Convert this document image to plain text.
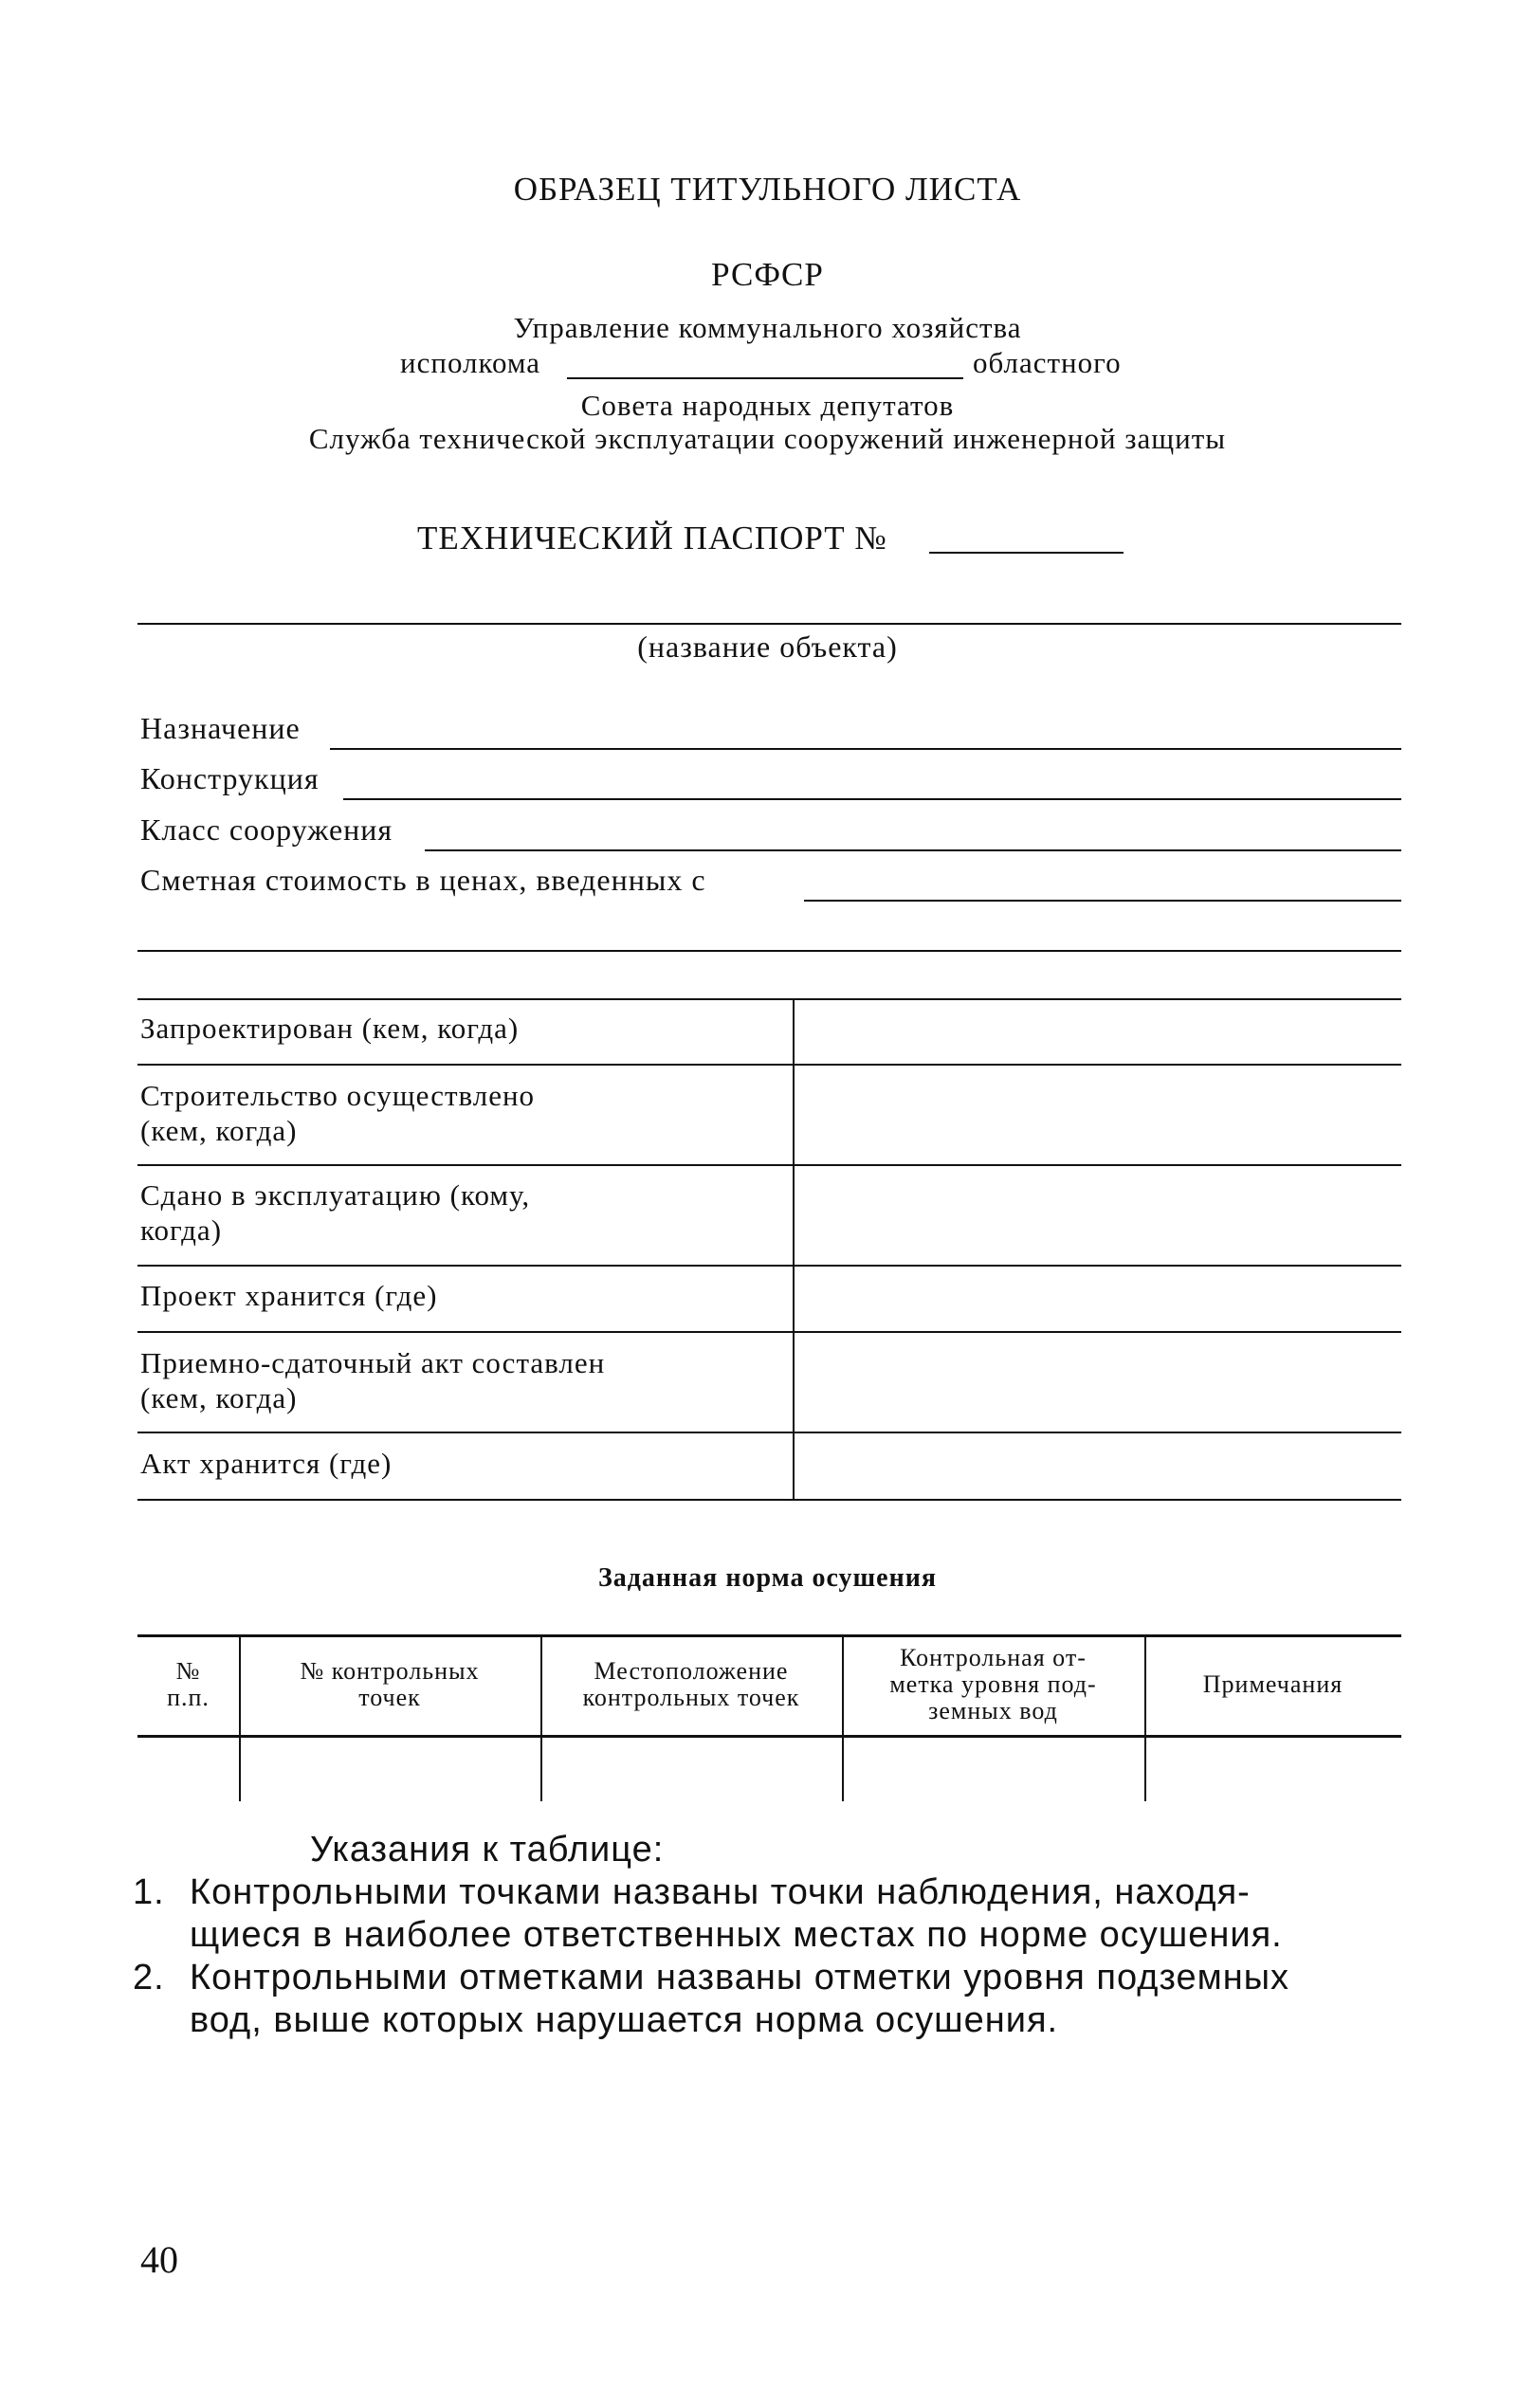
ОБРАЗЕЦ ТИТУЛЬНОГО ЛИСТА
РСФСР
Управление коммунального хозяйства
исполкома	областного
Совета народных депутатов
Служба технической эксплуатации сооружений инженерной защиты
ТЕХНИЧЕСКИЙ ПАСПОРТ №
(название объекта)
Назначение
Конструкция
Класс сооружения
Сметная стоимость в ценах, введенных с
Запроектирован (кем, когда)
Строительство осуществлено
(кем, когда)
Сдано в эксплуатацию (кому,
когда)
Проект хранится (где)
Приемно-сдаточный акт составлен
(кем, когда)
Акт хранится (где)
Заданная норма осушения
№
п.п.
№ контрольных
точек
Местоположение
контрольных точек
Контрольная от-
метка уровня под-
земных вод
Примечания
Указания к таблице:
1. Контрольными точками названы точки наблюдения, находя-
щиеся в наиболее ответственных местах по норме осушения.
2. Контрольными отметками названы отметки уровня подземных
вод, выше которых нарушается норма осушения.
40
